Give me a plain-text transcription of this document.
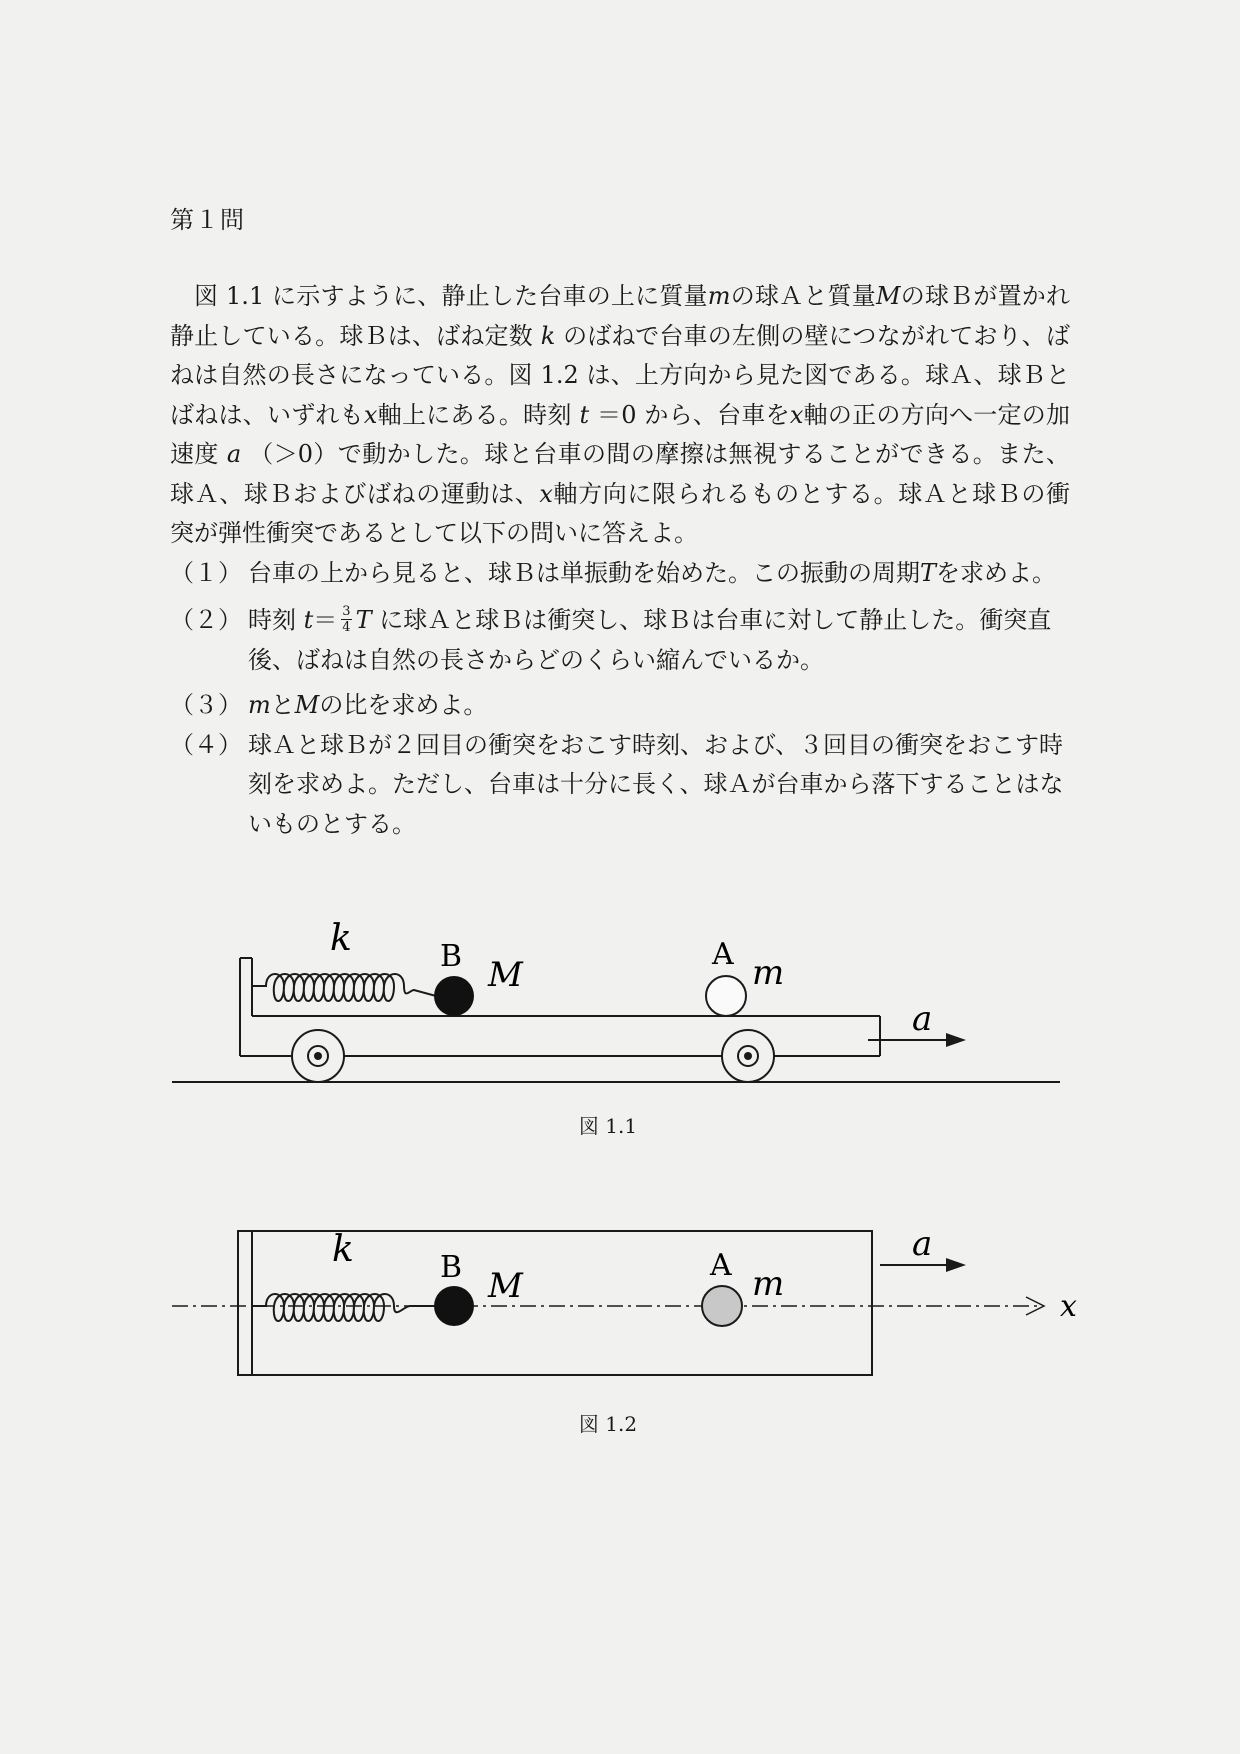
第１問
図 1.1 に示すように、静止した台車の上に質量mの球Ａと質量Mの球Ｂが置かれ静止している。球Ｂは、ばね定数 k のばねで台車の左側の壁につながれており、ばねは自然の長さになっている。図 1.2 は、上方向から見た図である。球Ａ、球Ｂとばねは、いずれもx軸上にある。時刻 t ＝0 から、台車をx軸の正の方向へ一定の加速度 a （＞0）で動かした。球と台車の間の摩擦は無視することができる。また、球Ａ、球Ｂおよびばねの運動は、x軸方向に限られるものとする。球Ａと球Ｂの衝突が弾性衝突であるとして以下の問いに答えよ。
（１） 台車の上から見ると、球Ｂは単振動を始めた。この振動の周期Tを求めよ。
（２） 時刻 $t= \frac{3}{4}$ T に球Ａと球Ｂは衝突し、球Ｂは台車に対して静止した。衝突直後、ばねは自然の長さからどのくらい縮んでいるか。
（３） mとMの比を求めよ。
（４） 球Ａと球Ｂが２回目の衝突をおこす時刻、および、３回目の衝突をおこす時刻を求めよ。ただし、台車は十分に長く、球Ａが台車から落下することはないものとする。
k	B M
A m
a
図 1.1
k	B M
A m
a
x
図 1.2
